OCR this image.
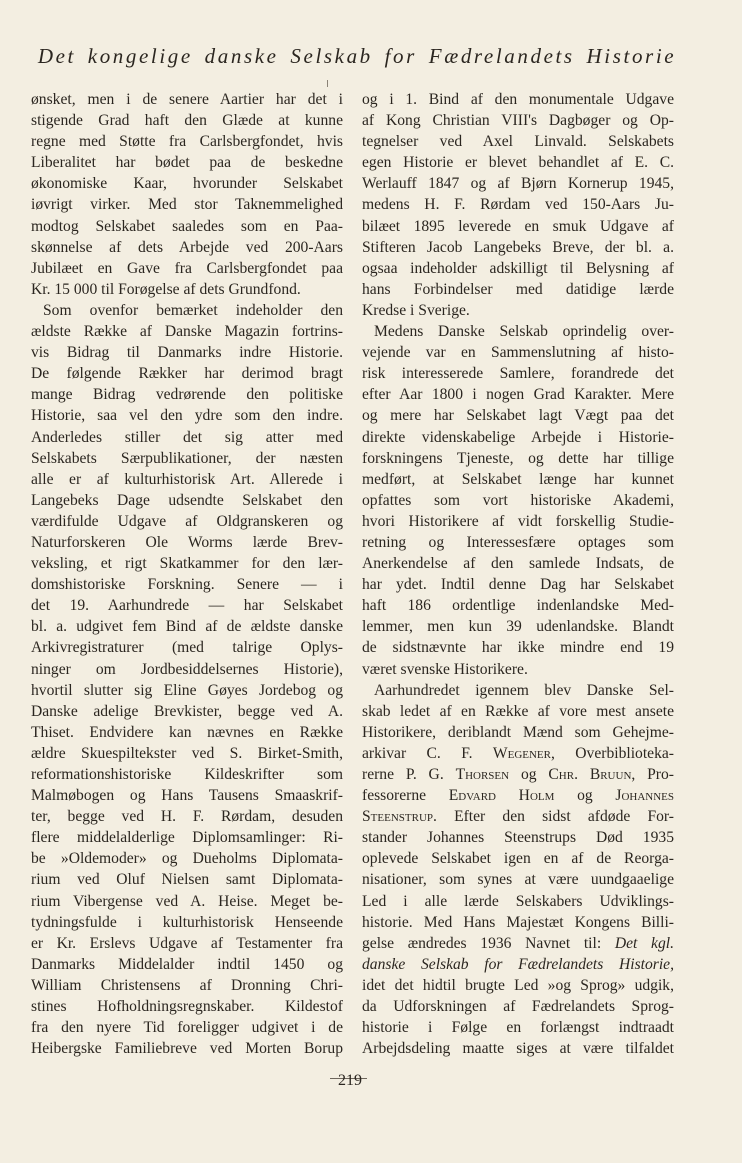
Det kongelige danske Selskab for Fædrelandets Historie
ønsket, men i de senere Aartier har det i
stigende Grad haft den Glæde at kunne
regne med Støtte fra Carlsbergfondet, hvis
Liberalitet har bødet paa de beskedne
økonomiske Kaar, hvorunder Selskabet
iøvrigt virker. Med stor Taknemmelighed
modtog Selskabet saaledes som en Paa-
skønnelse af dets Arbejde ved 200-Aars
Jubilæet en Gave fra Carlsbergfondet paa
Kr. 15 000 til Forøgelse af dets Grundfond.
Som ovenfor bemærket indeholder den
ældste Række af Danske Magazin fortrins-
vis Bidrag til Danmarks indre Historie.
De følgende Rækker har derimod bragt
mange Bidrag vedrørende den politiske
Historie, saa vel den ydre som den indre.
Anderledes stiller det sig atter med
Selskabets Særpublikationer, der næsten
alle er af kulturhistorisk Art. Allerede i
Langebeks Dage udsendte Selskabet den
værdifulde Udgave af Oldgranskeren og
Naturforskeren Ole Worms lærde Brev-
veksling, et rigt Skatkammer for den lær-
domshistoriske Forskning. Senere — i
det 19. Aarhundrede — har Selskabet
bl. a. udgivet fem Bind af de ældste danske
Arkivregistraturer (med talrige Oplys-
ninger om Jordbesiddelsernes Historie),
hvortil slutter sig Eline Gøyes Jordebog og
Danske adelige Brevkister, begge ved A.
Thiset. Endvidere kan nævnes en Række
ældre Skuespiltekster ved S. Birket-Smith,
reformationshistoriske Kildeskrifter som
Malmøbogen og Hans Tausens Smaaskrif-
ter, begge ved H. F. Rørdam, desuden
flere middelalderlige Diplomsamlinger: Ri-
be »Oldemoder» og Dueholms Diplomata-
rium ved Oluf Nielsen samt Diplomata-
rium Vibergense ved A. Heise. Meget be-
tydningsfulde i kulturhistorisk Henseende
er Kr. Erslevs Udgave af Testamenter fra
Danmarks Middelalder indtil 1450 og
William Christensens af Dronning Chri-
stines Hofholdningsregnskaber. Kildestof
fra den nyere Tid foreligger udgivet i de
Heibergske Familiebreve ved Morten Borup
og i 1. Bind af den monumentale Udgave
af Kong Christian VIII's Dagbøger og Op-
tegnelser ved Axel Linvald. Selskabets
egen Historie er blevet behandlet af E. C.
Werlauff 1847 og af Bjørn Kornerup 1945,
medens H. F. Rørdam ved 150-Aars Ju-
bilæet 1895 leverede en smuk Udgave af
Stifteren Jacob Langebeks Breve, der bl. a.
ogsaa indeholder adskilligt til Belysning af
hans Forbindelser med datidige lærde
Kredse i Sverige.
Medens Danske Selskab oprindelig over-
vejende var en Sammenslutning af histo-
risk interesserede Samlere, forandrede det
efter Aar 1800 i nogen Grad Karakter. Mere
og mere har Selskabet lagt Vægt paa det
direkte videnskabelige Arbejde i Historie-
forskningens Tjeneste, og dette har tillige
medført, at Selskabet længe har kunnet
opfattes som vort historiske Akademi,
hvori Historikere af vidt forskellig Studie-
retning og Interessesfære optages som
Anerkendelse af den samlede Indsats, de
har ydet. Indtil denne Dag har Selskabet
haft 186 ordentlige indenlandske Med-
lemmer, men kun 39 udenlandske. Blandt
de sidstnævnte har ikke mindre end 19
været svenske Historikere.
Aarhundredet igennem blev Danske Sel-
skab ledet af en Række af vore mest ansete
Historikere, deriblandt Mænd som Gehejme-
arkivar C. F. Wegener, Overbiblioteka-
rerne P. G. Thorsen og Chr. Bruun, Pro-
fessorerne Edvard Holm og Johannes
Steenstrup. Efter den sidst afdøde For-
stander Johannes Steenstrups Død 1935
oplevede Selskabet igen en af de Reorga-
nisationer, som synes at være uundgaaelige
Led i alle lærde Selskabers Udviklings-
historie. Med Hans Majestæt Kongens Billi-
gelse ændredes 1936 Navnet til: Det kgl.
danske Selskab for Fædrelandets Historie,
idet det hidtil brugte Led »og Sprog» udgik,
da Udforskningen af Fædrelandets Sprog-
historie i Følge en forlængst indtraadt
Arbejdsdeling maatte siges at være tilfaldet
219
